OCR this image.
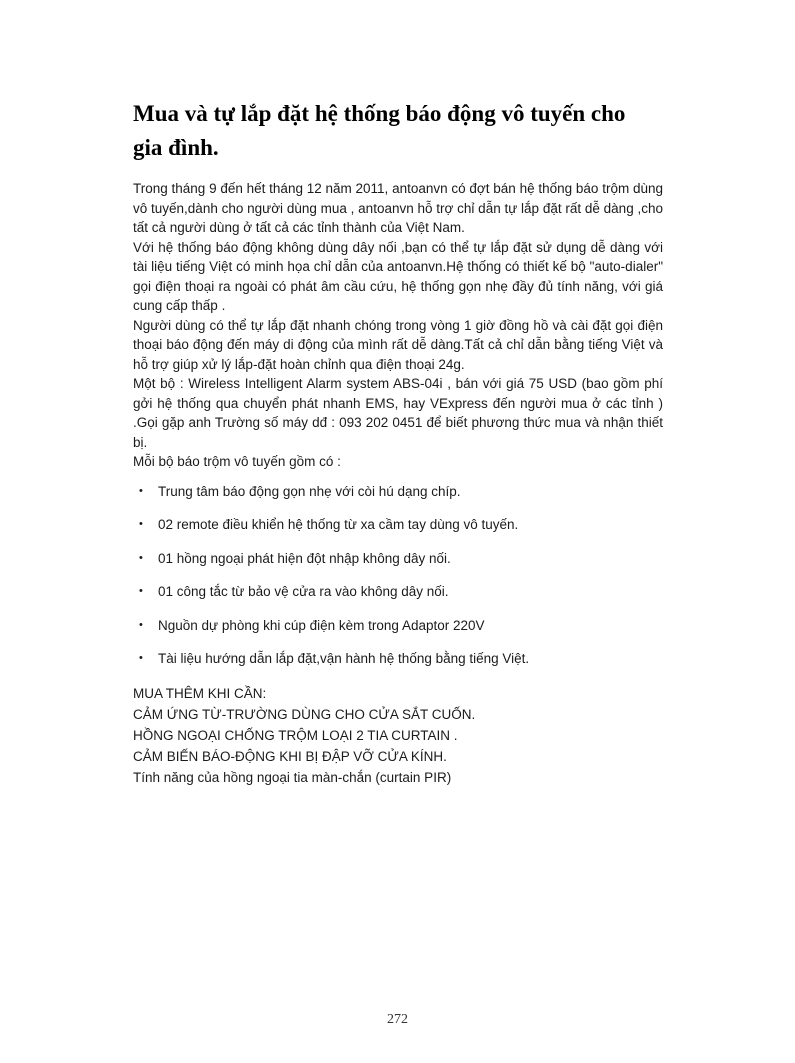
Mua và tự lắp đặt hệ thống báo động vô tuyến cho gia đình.

Trong tháng 9 đến hết tháng 12 năm 2011, antoanvn có đợt bán hệ thống báo trộm dùng vô tuyến,dành cho người dùng mua , antoanvn hỗ trợ chỉ dẫn tự lắp đặt rất dễ dàng ,cho tất cả người dùng ở tất cả các tỉnh thành của Việt Nam.

Với hệ thống báo động không dùng dây nối ,bạn có thể tự lắp đặt sử dụng dễ dàng với tài liệu tiếng Việt có minh họa chỉ dẫn của antoanvn.Hệ thống có thiết kế bộ "auto-dialer" gọi điện thoại ra ngoài có phát âm cầu cứu, hệ thống gọn nhẹ đầy đủ tính năng, với giá cung cấp thấp .

Người dùng có thể tự lắp đặt nhanh chóng trong vòng 1 giờ đồng hồ và cài đặt gọi điện thoại báo động đến máy di động của mình rất dễ dàng.Tất cả chỉ dẫn bằng tiếng Việt và hỗ trợ giúp xử lý lắp-đặt hoàn chỉnh qua điện thoại 24g.

Một bộ : Wireless Intelligent Alarm system ABS-04i , bán với giá 75 USD (bao gồm phí gởi hệ thống qua chuyển phát nhanh EMS, hay VExpress đến người mua ở các tỉnh ) .Gọi gặp anh Trường số máy dđ : 093 202 0451 để biết phương thức mua và nhận thiết bị.

Mỗi bộ báo trộm vô tuyến gồm có :

• Trung tâm báo động gọn nhẹ với còi hú dạng chíp.
• 02 remote điều khiển hệ thống từ xa cầm tay dùng vô tuyến.
• 01 hồng ngoại phát hiện đột nhập không dây nối.
• 01 công tắc từ bảo vệ cửa ra vào không dây nối.
• Nguồn dự phòng khi cúp điện kèm trong Adaptor 220V
• Tài liệu hướng dẫn lắp đặt,vận hành hệ thống bằng tiếng Việt.

MUA THÊM KHI CẦN:

CẢM ỨNG TỪ-TRƯỜNG DÙNG CHO CỬA SẮT CUỐN.

HỒNG NGOẠI CHỐNG TRỘM LOẠI 2 TIA CURTAIN .

CẢM BIẾN BÁO-ĐỘNG KHI BỊ ĐẬP VỠ CỬA KÍNH.

Tính năng của hồng ngoại tia màn-chắn (curtain PIR)

272
